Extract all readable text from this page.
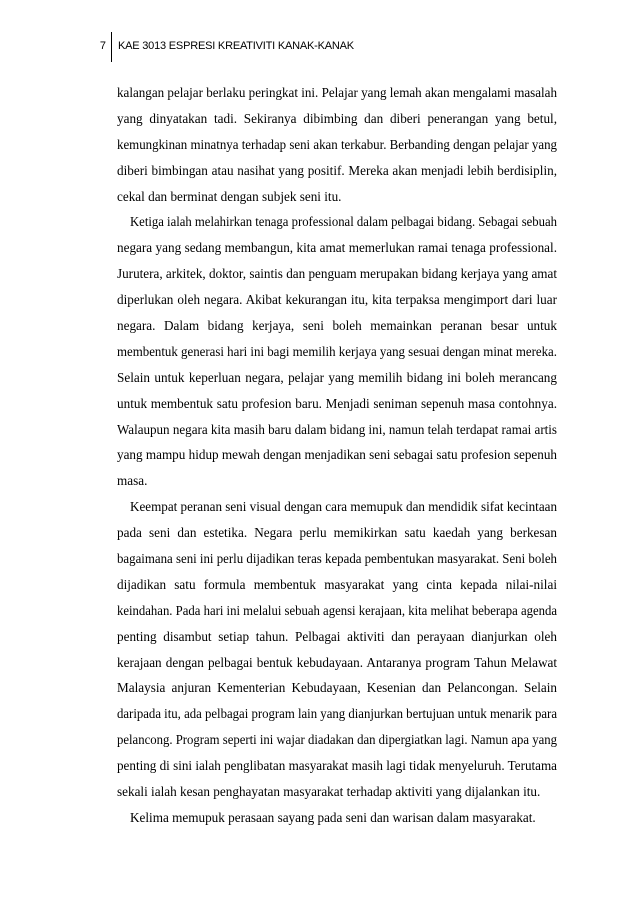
7 KAE 3013 ESPRESI KREATIVITI KANAK-KANAK
kalangan pelajar berlaku peringkat ini. Pelajar yang lemah akan mengalami masalah
yang dinyatakan tadi. Sekiranya dibimbing dan diberi penerangan yang betul,
kemungkinan minatnya terhadap seni akan terkabur. Berbanding dengan pelajar yang
diberi bimbingan atau nasihat yang positif. Mereka akan menjadi lebih berdisiplin,
cekal dan berminat dengan subjek seni itu.
Ketiga ialah melahirkan tenaga professional dalam pelbagai bidang. Sebagai sebuah
negara yang sedang membangun, kita amat memerlukan ramai tenaga professional.
Jurutera, arkitek, doktor, saintis dan penguam merupakan bidang kerjaya yang amat
diperlukan oleh negara. Akibat kekurangan itu, kita terpaksa mengimport dari luar
negara. Dalam bidang kerjaya, seni boleh memainkan peranan besar untuk
membentuk generasi hari ini bagi memilih kerjaya yang sesuai dengan minat mereka.
Selain untuk keperluan negara, pelajar yang memilih bidang ini boleh merancang
untuk membentuk satu profesion baru. Menjadi seniman sepenuh masa contohnya.
Walaupun negara kita masih baru dalam bidang ini, namun telah terdapat ramai artis
yang mampu hidup mewah dengan menjadikan seni sebagai satu profesion sepenuh
masa.
Keempat peranan seni visual dengan cara memupuk dan mendidik sifat kecintaan
pada seni dan estetika. Negara perlu memikirkan satu kaedah yang berkesan
bagaimana seni ini perlu dijadikan teras kepada pembentukan masyarakat. Seni boleh
dijadikan satu formula membentuk masyarakat yang cinta kepada nilai-nilai
keindahan. Pada hari ini melalui sebuah agensi kerajaan, kita melihat beberapa agenda
penting disambut setiap tahun. Pelbagai aktiviti dan perayaan dianjurkan oleh
kerajaan dengan pelbagai bentuk kebudayaan. Antaranya program Tahun Melawat
Malaysia anjuran Kementerian Kebudayaan, Kesenian dan Pelancongan. Selain
daripada itu, ada pelbagai program lain yang dianjurkan bertujuan untuk menarik para
pelancong. Program seperti ini wajar diadakan dan dipergiatkan lagi. Namun apa yang
penting di sini ialah penglibatan masyarakat masih lagi tidak menyeluruh. Terutama
sekali ialah kesan penghayatan masyarakat terhadap aktiviti yang dijalankan itu.
Kelima memupuk perasaan sayang pada seni dan warisan dalam masyarakat.
